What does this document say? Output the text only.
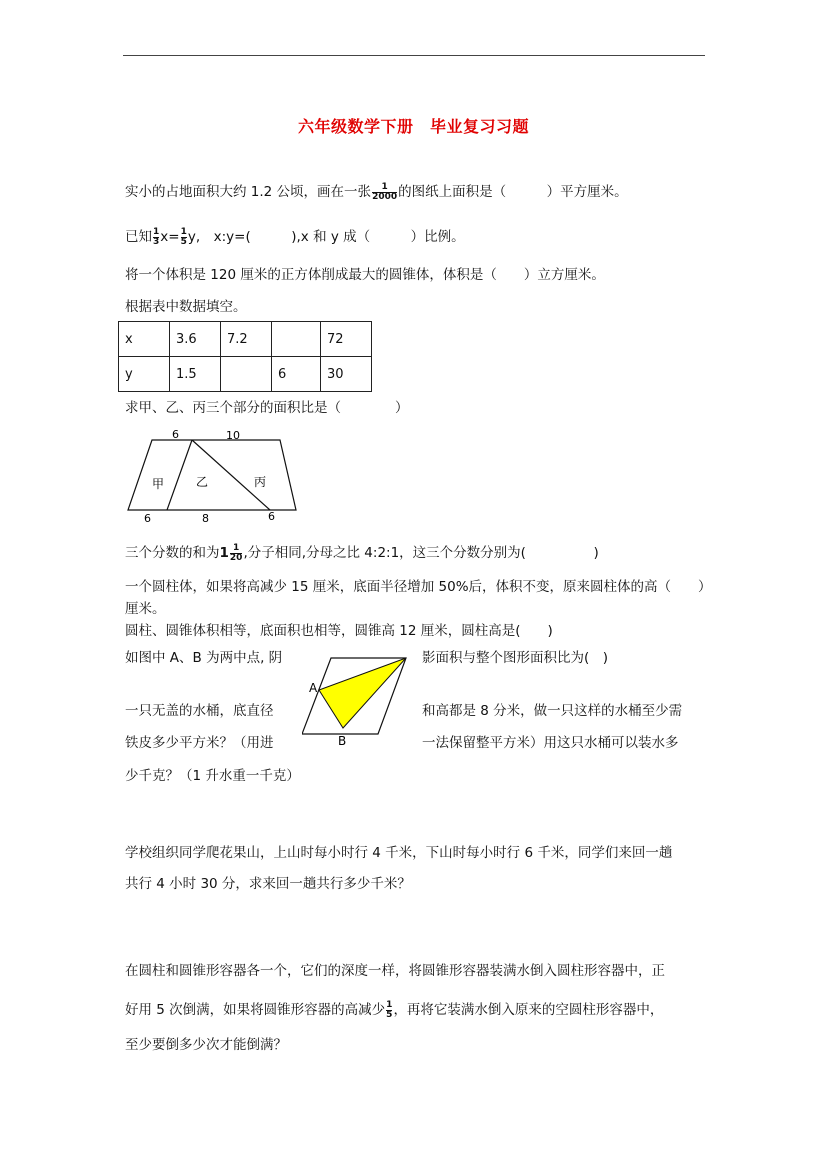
六年级数学下册　毕业复习习题
实小的占地面积大约 1.2 公顷，画在一张 $\frac{1}{2000}$ 的图纸上面积是（　　　）平方厘米。
已知 $\frac{1}{3} x= \frac{1}{5} y$,　x:y=(　　　),x 和 y 成（　　　）比例。
将一个体积是 120 厘米的正方体削成最大的圆锥体，体积是（　　）立方厘米。
根据表中数据填空。
x	3.6	7.2		72
y	1.5		6	30
求甲、乙、丙三个部分的面积比是（　　　　）
6	10
6	8	6
甲	乙	丙
三个分数的和为$1 \frac{1}{20}$ ,分子相同,分母之比 4:2:1，这三个分数分别为(　　　　　)
一个圆柱体，如果将高减少 15 厘米，底面半径增加 50%后，体积不变，原来圆柱体的高（　　）
厘米。
圆柱、圆锥体积相等，底面积也相等，圆锥高 12 厘米，圆柱高是(　　)
如图中 A、B 为两中点, 阴	影面积与整个图形面积比为(　)
A
B
一只无盖的水桶，底直径	和高都是 8 分米，做一只这样的水桶至少需
铁皮多少平方米？（用进	一法保留整平方米）用这只水桶可以装水多
少千克？（1 升水重一千克）
学校组织同学爬花果山，上山时每小时行 4 千米，下山时每小时行 6 千米，同学们来回一趟
共行 4 小时 30 分，求来回一趟共行多少千米？
在圆柱和圆锥形容器各一个，它们的深度一样，将圆锥形容器装满水倒入圆柱形容器中，正
好用 5 次倒满，如果将圆锥形容器的高减少 $\frac{1}{5}$ ，再将它装满水倒入原来的空圆柱形容器中，
至少要倒多少次才能倒满？
